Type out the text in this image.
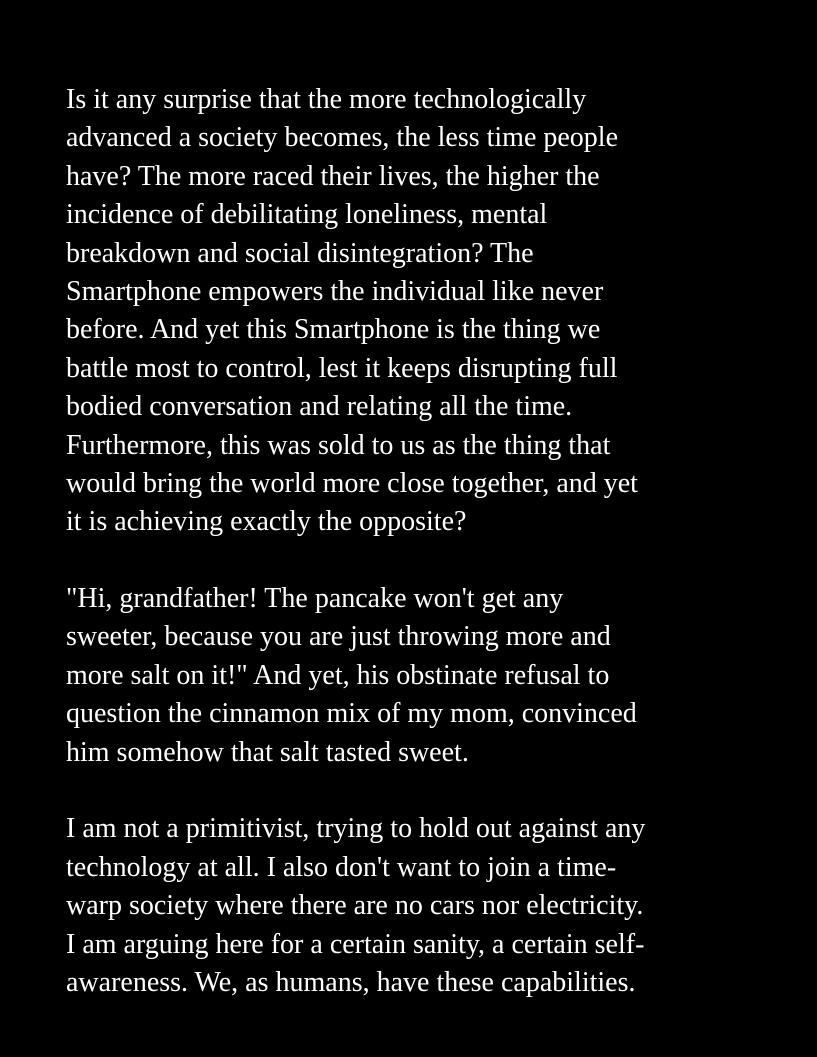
Is it any surprise that the more technologically
advanced a society becomes, the less time people
have? The more raced their lives, the higher the
incidence of debilitating loneliness, mental
breakdown and social disintegration? The
Smartphone empowers the individual like never
before. And yet this Smartphone is the thing we
battle most to control, lest it keeps disrupting full
bodied conversation and relating all the time.
Furthermore, this was sold to us as the thing that
would bring the world more close together, and yet
it is achieving exactly the opposite?
"Hi, grandfather! The pancake won't get any
sweeter, because you are just throwing more and
more salt on it!" And yet, his obstinate refusal to
question the cinnamon mix of my mom, convinced
him somehow that salt tasted sweet.
I am not a primitivist, trying to hold out against any
technology at all. I also don't want to join a time-
warp society where there are no cars nor electricity.
I am arguing here for a certain sanity, a certain self-
awareness. We, as humans, have these capabilities.
